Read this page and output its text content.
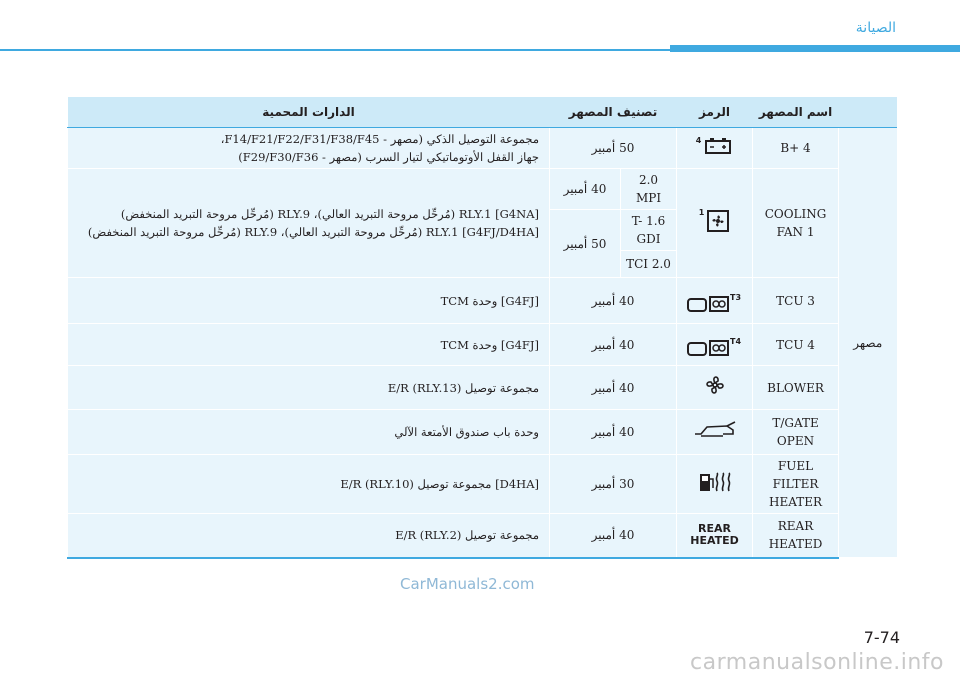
الصيانة
	اسم المصهر	الرمز	تصنيف المصهر		الدارات المحمية
مصهر	B+ 4	4	50 أمبير		مجموعة التوصيل الذكي (مصهر - F14/F21/F22/F31/F38/F45،
جهاز القفل الأوتوماتيكي لتيار السرب (مصهر - F29/F30/F36)

	COOLING FAN 1	1	2.0 MPI	40 أمبير	[G4NA] RLY.1 (مُرحِّل مروحة التبريد العالي)، RLY.9 (مُرحِّل مروحة التبريد المنخفض)
[G4FJ/D4HA] RLY.1 (مُرحِّل مروحة التبريد العالي)، RLY.9 (مُرحِّل مروحة التبريد المنخفض)

			1.6 T-GDI	50 أمبير	
			2.0 TCI		
	TCU 3	T3	40 أمبير		[G4FJ] وحدة TCM
	TCU 4	T4	40 أمبير		[G4FJ] وحدة TCM
	BLOWER		40 أمبير		مجموعة توصيل E/R (RLY.13)
	T/GATE OPEN		40 أمبير		وحدة باب صندوق الأمتعة الآلي
	FUEL FILTER HEATER		30 أمبير		[D4HA] مجموعة توصيل E/R (RLY.10)
	REAR HEATED	REAR HEATED	40 أمبير		مجموعة توصيل E/R (RLY.2)
CarManuals2.com
7-74
carmanualsonline.info
